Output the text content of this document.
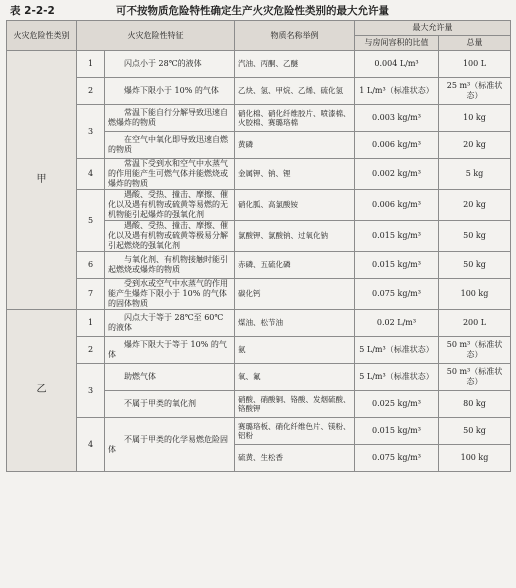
表 2-2-2	可不按物质危险特性确定生产火灾危险性类别的最大允许量
火灾危险性类别	火灾危险性特征		物质名称举例	最大允许量	
				与房间容积的比值	总量
甲	1	闪点小于 28℃的液体	汽油、丙酮、乙醚	0.004 L/m³	100 L
	2	爆炸下限小于 10% 的气体	乙炔、氢、甲烷、乙烯、硫化氢	1 L/m³（标准状态）	25 m³（标准状态）
	3	常温下能自行分解导致迅速自燃爆炸的物质	硝化棉、硝化纤维胶片、喷漆棉、火胶棉、赛璐珞棉	0.003 kg/m³	10 kg
		在空气中氧化即导致迅速自燃的物质	黄磷	0.006 kg/m³	20 kg
	4	常温下受到水和空气中水蒸气的作用能产生可燃气体并能燃烧或爆炸的物质	金属钾、钠、锂	0.002 kg/m³	5 kg
	5	遇酸、受热、撞击、摩擦、催化以及遇有机物或硫黄等易燃的无机物能引起爆炸的强氧化剂	硝化胍、高氯酸铵	0.006 kg/m³	20 kg
		遇酸、受热、撞击、摩擦、催化以及遇有机物或硫黄等极易分解引起燃烧的强氧化剂	氯酸钾、氯酸钠、过氧化钠	0.015 kg/m³	50 kg
	6	与氧化剂、有机物接触时能引起燃烧或爆炸的物质	赤磷、五硫化磷	0.015 kg/m³	50 kg
	7	受到水或空气中水蒸气的作用能产生爆炸下限小于 10% 的气体的固体物质	碳化钙	0.075 kg/m³	100 kg
乙	1	闪点大于等于 28℃至 60℃的液体	煤油、松节油	0.02 L/m³	200 L
	2	爆炸下限大于等于 10% 的气体	氨	5 L/m³（标准状态）	50 m³（标准状态）
	3	助燃气体	氧、氟	5 L/m³（标准状态）	50 m³（标准状态）
		不属于甲类的氧化剂	硝酸、硝酸铜、铬酸、发烟硫酸、铬酸钾	0.025 kg/m³	80 kg
	4	不属于甲类的化学易燃危险固体	赛璐珞板、硝化纤维色片、镁粉、铝粉	0.015 kg/m³	50 kg
			硫黄、生松香	0.075 kg/m³	100 kg
